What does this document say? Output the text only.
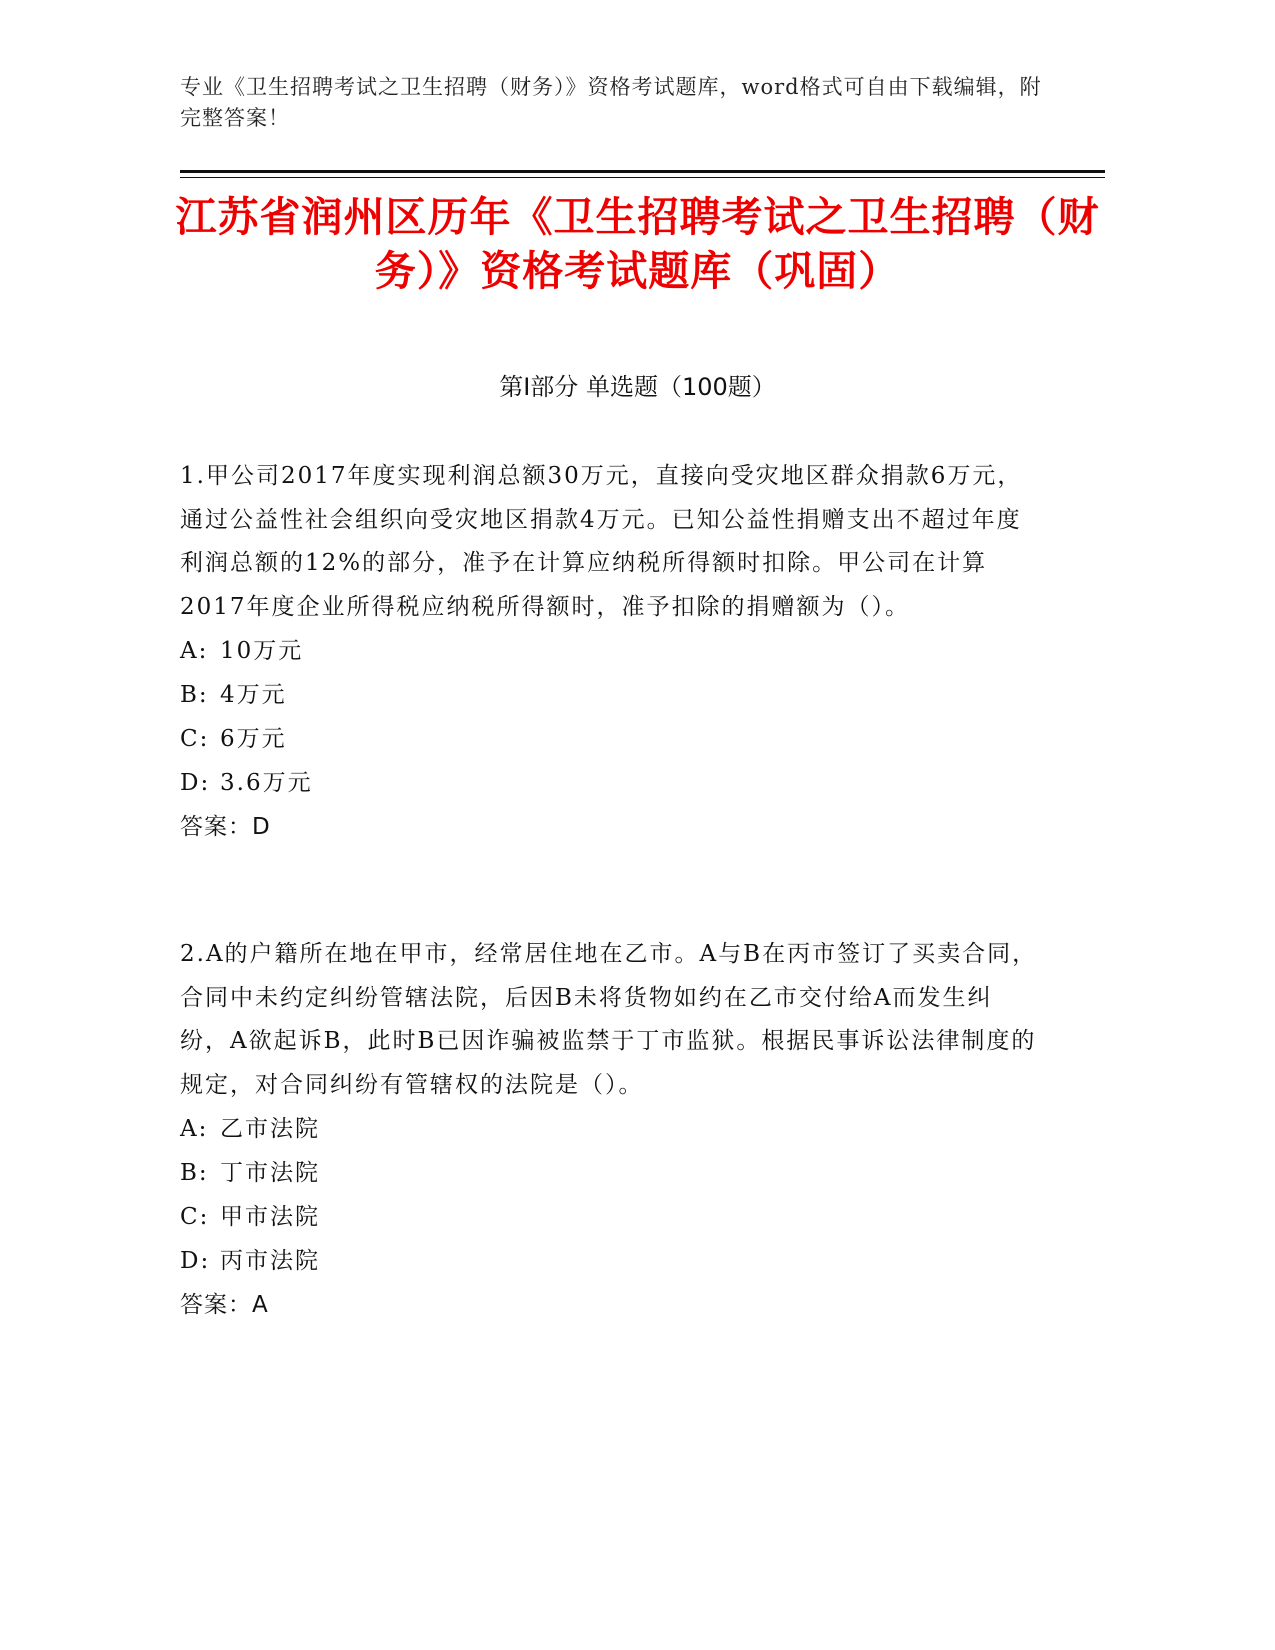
专业《卫生招聘考试之卫生招聘（财务）》资格考试题库，word格式可自由下载编辑，附完整答案！
江苏省润州区历年《卫生招聘考试之卫生招聘（财务）》资格考试题库（巩固）
第I部分 单选题（100题）

1.甲公司2017年度实现利润总额30万元，直接向受灾地区群众捐款6万元，通过公益性社会组织向受灾地区捐款4万元。已知公益性捐赠支出不超过年度利润总额的12%的部分，准予在计算应纳税所得额时扣除。甲公司在计算2017年度企业所得税应纳税所得额时，准予扣除的捐赠额为（）。

A: 10万元
B: 4万元
C: 6万元
D: 3.6万元
答案：D

2.A的户籍所在地在甲市，经常居住地在乙市。A与B在丙市签订了买卖合同，合同中未约定纠纷管辖法院，后因B未将货物如约在乙市交付给A而发生纠纷，A欲起诉B，此时B已因诈骗被监禁于丁市监狱。根据民事诉讼法律制度的规定，对合同纠纷有管辖权的法院是（）。

A: 乙市法院
B: 丁市法院
C: 甲市法院
D: 丙市法院
答案：A
